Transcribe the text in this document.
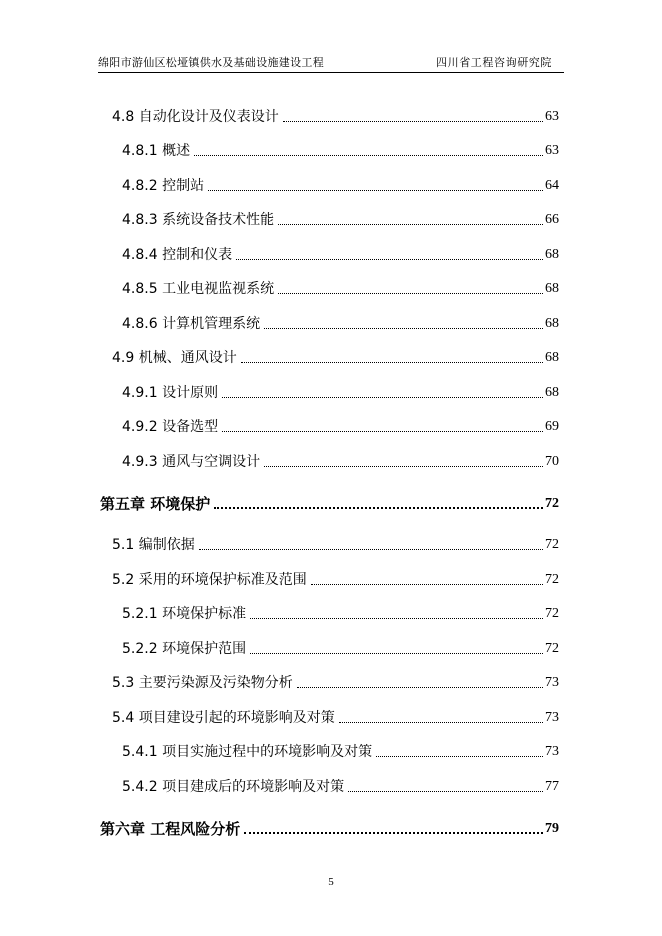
绵阳市游仙区松垭镇供水及基础设施建设工程	四川省工程咨询研究院
4.8 自动化设计及仪表设计	63
4.8.1 概述	63
4.8.2 控制站	64
4.8.3 系统设备技术性能	66
4.8.4 控制和仪表	68
4.8.5 工业电视监视系统	68
4.8.6 计算机管理系统	68
4.9 机械、通风设计	68
4.9.1 设计原则	68
4.9.2 设备选型	69
4.9.3 通风与空调设计	70
第五章 环境保护	72
5.1 编制依据	72
5.2 采用的环境保护标准及范围	72
5.2.1 环境保护标准	72
5.2.2 环境保护范围	72
5.3 主要污染源及污染物分析	73
5.4 项目建设引起的环境影响及对策	73
5.4.1 项目实施过程中的环境影响及对策	73
5.4.2 项目建成后的环境影响及对策	77
第六章 工程风险分析	79
5
